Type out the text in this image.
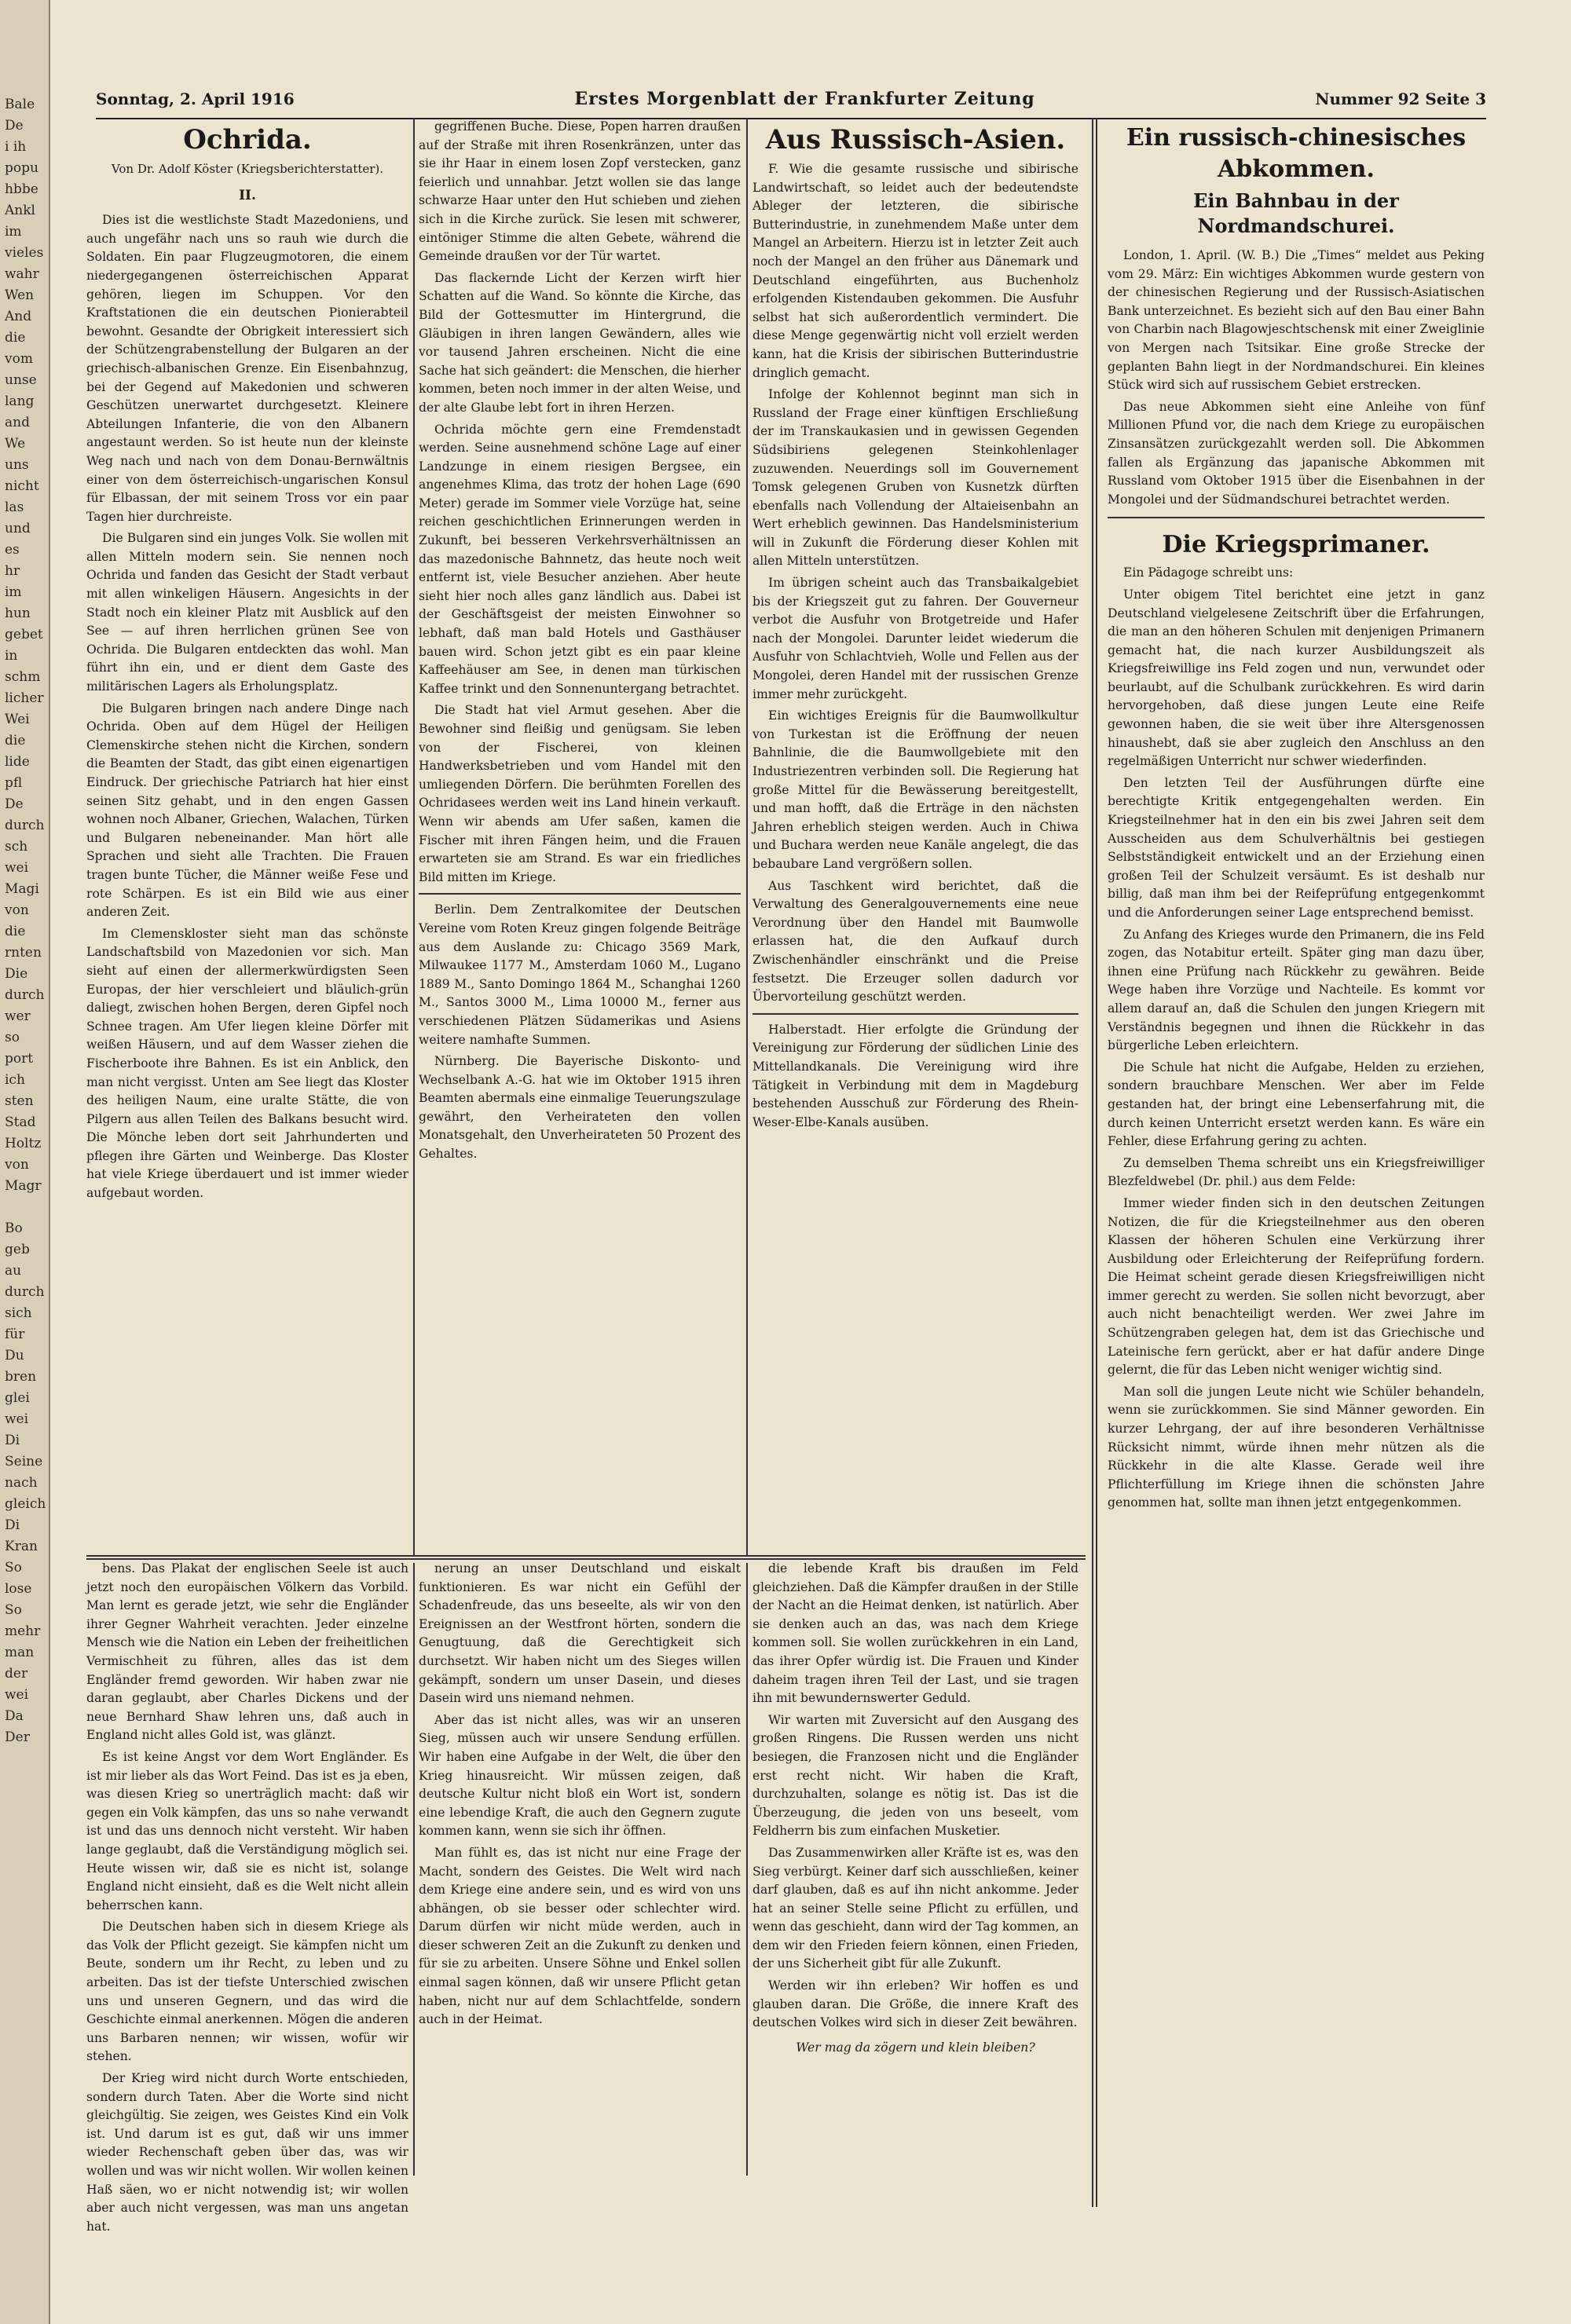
Bale
De
i ih
popu
hbbe
Ankl
im
vieles
wahr
Wen
And
die
vom
unse
lang
and
We
uns
nicht
las
und
es
hr
im
hun
gebet
in
schm
licher
Wei
die
lide
pfl
De
durch
sch
wei
Magi
von
die
rnten
Die
durch
wer
so
port
ich
sten
Stad
Holtz
von
Magr

Bo
geb
au
durch
sich
für
Du
bren
glei
wei
Di
Seine
nach
gleich
Di
Kran
So
lose
So
mehr
man
der
wei
Da
Der
Sonntag, 2. April 1916	Erstes Morgenblatt der Frankfurter Zeitung	Nummer 92 Seite 3
Ochrida.
Von Dr. Adolf Köster (Kriegsberichterstatter).
II.

Dies ist die westlichste Stadt Mazedoniens, und auch ungefähr nach uns so rauh wie durch die Soldaten. Ein paar Flugzeugmotoren, die einem niedergegangenen österreichischen Apparat gehören, liegen im Schuppen. Vor den Kraftstationen die ein deutschen Pionierabteil bewohnt. Gesandte der Obrigkeit interessiert sich der Schützengrabenstellung der Bulgaren an der griechisch-albanischen Grenze. Ein Eisenbahnzug, bei der Gegend auf Makedonien und schweren Geschützen unerwartet durchgesetzt. Kleinere Abteilungen Infanterie, die von den Albanern angestaunt werden. So ist heute nun der kleinste Weg nach und nach von dem Donau-Bernwältnis einer von dem österreichisch-ungarischen Konsul für Elbassan, der mit seinem Tross vor ein paar Tagen hier durchreiste.

Die Bulgaren sind ein junges Volk. Sie wollen mit allen Mitteln modern sein. Sie nennen noch Ochrida und fanden das Gesicht der Stadt verbaut mit allen winkeligen Häusern. Angesichts in der Stadt noch ein kleiner Platz mit Ausblick auf den See — auf ihren herrlichen grünen See von Ochrida. Die Bulgaren entdeckten das wohl. Man führt ihn ein, und er dient dem Gaste des militärischen Lagers als Erholungsplatz.

Die Bulgaren bringen nach andere Dinge nach Ochrida. Oben auf dem Hügel der Heiligen Clemenskirche stehen nicht die Kirchen, sondern die Beamten der Stadt, das gibt einen eigenartigen Eindruck. Der griechische Patriarch hat hier einst seinen Sitz gehabt, und in den engen Gassen wohnen noch Albaner, Griechen, Walachen, Türken und Bulgaren nebeneinander. Man hört alle Sprachen und sieht alle Trachten. Die Frauen tragen bunte Tücher, die Männer weiße Fese und rote Schärpen. Es ist ein Bild wie aus einer anderen Zeit.

Im Clemenskloster sieht man das schönste Landschaftsbild von Mazedonien vor sich. Man sieht auf einen der allermerkwürdigsten Seen Europas, der hier verschleiert und bläulich-grün daliegt, zwischen hohen Bergen, deren Gipfel noch Schnee tragen. Am Ufer liegen kleine Dörfer mit weißen Häusern, und auf dem Wasser ziehen die Fischerboote ihre Bahnen. Es ist ein Anblick, den man nicht vergisst. Unten am See liegt das Kloster des heiligen Naum, eine uralte Stätte, die von Pilgern aus allen Teilen des Balkans besucht wird. Die Mönche leben dort seit Jahrhunderten und pflegen ihre Gärten und Weinberge. Das Kloster hat viele Kriege überdauert und ist immer wieder aufgebaut worden.

gegriffenen Buche. Diese, Popen harren draußen auf der Straße mit ihren Rosenkränzen, unter das sie ihr Haar in einem losen Zopf verstecken, ganz feierlich und unnahbar. Jetzt wollen sie das lange schwarze Haar unter den Hut schieben und ziehen sich in die Kirche zurück. Sie lesen mit schwerer, eintöniger Stimme die alten Gebete, während die Gemeinde draußen vor der Tür wartet.

Das flackernde Licht der Kerzen wirft hier Schatten auf die Wand. So könnte die Kirche, das Bild der Gottesmutter im Hintergrund, die Gläubigen in ihren langen Gewändern, alles wie vor tausend Jahren erscheinen. Nicht die eine Sache hat sich geändert: die Menschen, die hierher kommen, beten noch immer in der alten Weise, und der alte Glaube lebt fort in ihren Herzen.

Ochrida möchte gern eine Fremdenstadt werden. Seine ausnehmend schöne Lage auf einer Landzunge in einem riesigen Bergsee, ein angenehmes Klima, das trotz der hohen Lage (690 Meter) gerade im Sommer viele Vorzüge hat, seine reichen geschichtlichen Erinnerungen werden in Zukunft, bei besseren Verkehrsverhältnissen an das mazedonische Bahnnetz, das heute noch weit entfernt ist, viele Besucher anziehen. Aber heute sieht hier noch alles ganz ländlich aus. Dabei ist der Geschäftsgeist der meisten Einwohner so lebhaft, daß man bald Hotels und Gasthäuser bauen wird. Schon jetzt gibt es ein paar kleine Kaffeehäuser am See, in denen man türkischen Kaffee trinkt und den Sonnenuntergang betrachtet.

Die Stadt hat viel Armut gesehen. Aber die Bewohner sind fleißig und genügsam. Sie leben von der Fischerei, von kleinen Handwerksbetrieben und vom Handel mit den umliegenden Dörfern. Die berühmten Forellen des Ochridasees werden weit ins Land hinein verkauft. Wenn wir abends am Ufer saßen, kamen die Fischer mit ihren Fängen heim, und die Frauen erwarteten sie am Strand. Es war ein friedliches Bild mitten im Kriege.

Berlin. Dem Zentralkomitee der Deutschen Vereine vom Roten Kreuz gingen folgende Beiträge aus dem Auslande zu: Chicago 3569 Mark, Milwaukee 1177 M., Amsterdam 1060 M., Lugano 1889 M., Santo Domingo 1864 M., Schanghai 1260 M., Santos 3000 M., Lima 10000 M., ferner aus verschiedenen Plätzen Südamerikas und Asiens weitere namhafte Summen.

Nürnberg. Die Bayerische Diskonto- und Wechselbank A.-G. hat wie im Oktober 1915 ihren Beamten abermals eine einmalige Teuerungszulage gewährt, den Verheirateten den vollen Monatsgehalt, den Unverheirateten 50 Prozent des Gehaltes.

Aus Russisch-Asien.

F. Wie die gesamte russische und sibirische Landwirtschaft, so leidet auch der bedeutendste Ableger der letzteren, die sibirische Butterindustrie, in zunehmendem Maße unter dem Mangel an Arbeitern. Hierzu ist in letzter Zeit auch noch der Mangel an den früher aus Dänemark und Deutschland eingeführten, aus Buchenholz erfolgenden Kistendauben gekommen. Die Ausfuhr selbst hat sich außerordentlich vermindert. Die diese Menge gegenwärtig nicht voll erzielt werden kann, hat die Krisis der sibirischen Butterindustrie dringlich gemacht.

Infolge der Kohlennot beginnt man sich in Russland der Frage einer künftigen Erschließung der im Transkaukasien und in gewissen Gegenden Südsibiriens gelegenen Steinkohlenlager zuzuwenden. Neuerdings soll im Gouvernement Tomsk gelegenen Gruben von Kusnetzk dürften ebenfalls nach Vollendung der Altaieisenbahn an Wert erheblich gewinnen. Das Handelsministerium will in Zukunft die Förderung dieser Kohlen mit allen Mitteln unterstützen.

Im übrigen scheint auch das Transbaikalgebiet bis der Kriegszeit gut zu fahren. Der Gouverneur verbot die Ausfuhr von Brotgetreide und Hafer nach der Mongolei. Darunter leidet wiederum die Ausfuhr von Schlachtvieh, Wolle und Fellen aus der Mongolei, deren Handel mit der russischen Grenze immer mehr zurückgeht.

Ein wichtiges Ereignis für die Baumwollkultur von Turkestan ist die Eröffnung der neuen Bahnlinie, die die Baumwollgebiete mit den Industriezentren verbinden soll. Die Regierung hat große Mittel für die Bewässerung bereitgestellt, und man hofft, daß die Erträge in den nächsten Jahren erheblich steigen werden. Auch in Chiwa und Buchara werden neue Kanäle angelegt, die das bebaubare Land vergrößern sollen.

Aus Taschkent wird berichtet, daß die Verwaltung des Generalgouvernements eine neue Verordnung über den Handel mit Baumwolle erlassen hat, die den Aufkauf durch Zwischenhändler einschränkt und die Preise festsetzt. Die Erzeuger sollen dadurch vor Übervorteilung geschützt werden.

Halberstadt. Hier erfolgte die Gründung der Vereinigung zur Förderung der südlichen Linie des Mittellandkanals. Die Vereinigung wird ihre Tätigkeit in Verbindung mit dem in Magdeburg bestehenden Ausschuß zur Förderung des Rhein-Weser-Elbe-Kanals ausüben.

Ein russisch-chinesisches Abkommen.
Ein Bahnbau in der Nordmandschurei.

London, 1. April. (W. B.) Die „Times“ meldet aus Peking vom 29. März: Ein wichtiges Abkommen wurde gestern von der chinesischen Regierung und der Russisch-Asiatischen Bank unterzeichnet. Es bezieht sich auf den Bau einer Bahn von Charbin nach Blagowjeschtschensk mit einer Zweiglinie von Mergen nach Tsitsikar. Eine große Strecke der geplanten Bahn liegt in der Nordmandschurei. Ein kleines Stück wird sich auf russischem Gebiet erstrecken.

Das neue Abkommen sieht eine Anleihe von fünf Millionen Pfund vor, die nach dem Kriege zu europäischen Zinsansätzen zurückgezahlt werden soll. Die Abkommen fallen als Ergänzung das japanische Abkommen mit Russland vom Oktober 1915 über die Eisenbahnen in der Mongolei und der Südmandschurei betrachtet werden.

Die Kriegsprimaner.

Ein Pädagoge schreibt uns:

Unter obigem Titel berichtet eine jetzt in ganz Deutschland vielgelesene Zeitschrift über die Erfahrungen, die man an den höheren Schulen mit denjenigen Primanern gemacht hat, die nach kurzer Ausbildungszeit als Kriegsfreiwillige ins Feld zogen und nun, verwundet oder beurlaubt, auf die Schulbank zurückkehren. Es wird darin hervorgehoben, daß diese jungen Leute eine Reife gewonnen haben, die sie weit über ihre Altersgenossen hinaushebt, daß sie aber zugleich den Anschluss an den regelmäßigen Unterricht nur schwer wiederfinden.

Den letzten Teil der Ausführungen dürfte eine berechtigte Kritik entgegengehalten werden. Ein Kriegsteilnehmer hat in den ein bis zwei Jahren seit dem Ausscheiden aus dem Schulverhältnis bei gestiegen Selbstständigkeit entwickelt und an der Erziehung einen großen Teil der Schulzeit versäumt. Es ist deshalb nur billig, daß man ihm bei der Reifeprüfung entgegenkommt und die Anforderungen seiner Lage entsprechend bemisst.

Zu Anfang des Krieges wurde den Primanern, die ins Feld zogen, das Notabitur erteilt. Später ging man dazu über, ihnen eine Prüfung nach Rückkehr zu gewähren. Beide Wege haben ihre Vorzüge und Nachteile. Es kommt vor allem darauf an, daß die Schulen den jungen Kriegern mit Verständnis begegnen und ihnen die Rückkehr in das bürgerliche Leben erleichtern.

Die Schule hat nicht die Aufgabe, Helden zu erziehen, sondern brauchbare Menschen. Wer aber im Felde gestanden hat, der bringt eine Lebenserfahrung mit, die durch keinen Unterricht ersetzt werden kann. Es wäre ein Fehler, diese Erfahrung gering zu achten.

Zu demselben Thema schreibt uns ein Kriegsfreiwilliger Blezfeldwebel (Dr. phil.) aus dem Felde:

Immer wieder finden sich in den deutschen Zeitungen Notizen, die für die Kriegsteilnehmer aus den oberen Klassen der höheren Schulen eine Verkürzung ihrer Ausbildung oder Erleichterung der Reifeprüfung fordern. Die Heimat scheint gerade diesen Kriegsfreiwilligen nicht immer gerecht zu werden. Sie sollen nicht bevorzugt, aber auch nicht benachteiligt werden. Wer zwei Jahre im Schützengraben gelegen hat, dem ist das Griechische und Lateinische fern gerückt, aber er hat dafür andere Dinge gelernt, die für das Leben nicht weniger wichtig sind.

Man soll die jungen Leute nicht wie Schüler behandeln, wenn sie zurückkommen. Sie sind Männer geworden. Ein kurzer Lehrgang, der auf ihre besonderen Verhältnisse Rücksicht nimmt, würde ihnen mehr nützen als die Rückkehr in die alte Klasse. Gerade weil ihre Pflichterfüllung im Kriege ihnen die schönsten Jahre genommen hat, sollte man ihnen jetzt entgegenkommen.

bens. Das Plakat der englischen Seele ist auch jetzt noch den europäischen Völkern das Vorbild. Man lernt es gerade jetzt, wie sehr die Engländer ihrer Gegner Wahrheit verachten. Jeder einzelne Mensch wie die Nation ein Leben der freiheitlichen Vermischheit zu führen, alles das ist dem Engländer fremd geworden. Wir haben zwar nie daran geglaubt, aber Charles Dickens und der neue Bernhard Shaw lehren uns, daß auch in England nicht alles Gold ist, was glänzt.

Es ist keine Angst vor dem Wort Engländer. Es ist mir lieber als das Wort Feind. Das ist es ja eben, was diesen Krieg so unerträglich macht: daß wir gegen ein Volk kämpfen, das uns so nahe verwandt ist und das uns dennoch nicht versteht. Wir haben lange geglaubt, daß die Verständigung möglich sei. Heute wissen wir, daß sie es nicht ist, solange England nicht einsieht, daß es die Welt nicht allein beherrschen kann.

Die Deutschen haben sich in diesem Kriege als das Volk der Pflicht gezeigt. Sie kämpfen nicht um Beute, sondern um ihr Recht, zu leben und zu arbeiten. Das ist der tiefste Unterschied zwischen uns und unseren Gegnern, und das wird die Geschichte einmal anerkennen. Mögen die anderen uns Barbaren nennen; wir wissen, wofür wir stehen.

Der Krieg wird nicht durch Worte entschieden, sondern durch Taten. Aber die Worte sind nicht gleichgültig. Sie zeigen, wes Geistes Kind ein Volk ist. Und darum ist es gut, daß wir uns immer wieder Rechenschaft geben über das, was wir wollen und was wir nicht wollen. Wir wollen keinen Haß säen, wo er nicht notwendig ist; wir wollen aber auch nicht vergessen, was man uns angetan hat.

nerung an unser Deutschland und eiskalt funktionieren. Es war nicht ein Gefühl der Schadenfreude, das uns beseelte, als wir von den Ereignissen an der Westfront hörten, sondern die Genugtuung, daß die Gerechtigkeit sich durchsetzt. Wir haben nicht um des Sieges willen gekämpft, sondern um unser Dasein, und dieses Dasein wird uns niemand nehmen.

Aber das ist nicht alles, was wir an unseren Sieg, müssen auch wir unsere Sendung erfüllen. Wir haben eine Aufgabe in der Welt, die über den Krieg hinausreicht. Wir müssen zeigen, daß deutsche Kultur nicht bloß ein Wort ist, sondern eine lebendige Kraft, die auch den Gegnern zugute kommen kann, wenn sie sich ihr öffnen.

Man fühlt es, das ist nicht nur eine Frage der Macht, sondern des Geistes. Die Welt wird nach dem Kriege eine andere sein, und es wird von uns abhängen, ob sie besser oder schlechter wird. Darum dürfen wir nicht müde werden, auch in dieser schweren Zeit an die Zukunft zu denken und für sie zu arbeiten. Unsere Söhne und Enkel sollen einmal sagen können, daß wir unsere Pflicht getan haben, nicht nur auf dem Schlachtfelde, sondern auch in der Heimat.

die lebende Kraft bis draußen im Feld gleichziehen. Daß die Kämpfer draußen in der Stille der Nacht an die Heimat denken, ist natürlich. Aber sie denken auch an das, was nach dem Kriege kommen soll. Sie wollen zurückkehren in ein Land, das ihrer Opfer würdig ist. Die Frauen und Kinder daheim tragen ihren Teil der Last, und sie tragen ihn mit bewundernswerter Geduld.

Wir warten mit Zuversicht auf den Ausgang des großen Ringens. Die Russen werden uns nicht besiegen, die Franzosen nicht und die Engländer erst recht nicht. Wir haben die Kraft, durchzuhalten, solange es nötig ist. Das ist die Überzeugung, die jeden von uns beseelt, vom Feldherrn bis zum einfachen Musketier.

Das Zusammenwirken aller Kräfte ist es, was den Sieg verbürgt. Keiner darf sich ausschließen, keiner darf glauben, daß es auf ihn nicht ankomme. Jeder hat an seiner Stelle seine Pflicht zu erfüllen, und wenn das geschieht, dann wird der Tag kommen, an dem wir den Frieden feiern können, einen Frieden, der uns Sicherheit gibt für alle Zukunft.

Werden wir ihn erleben? Wir hoffen es und glauben daran. Die Größe, die innere Kraft des deutschen Volkes wird sich in dieser Zeit bewähren.

Wer mag da zögern und klein bleiben?
